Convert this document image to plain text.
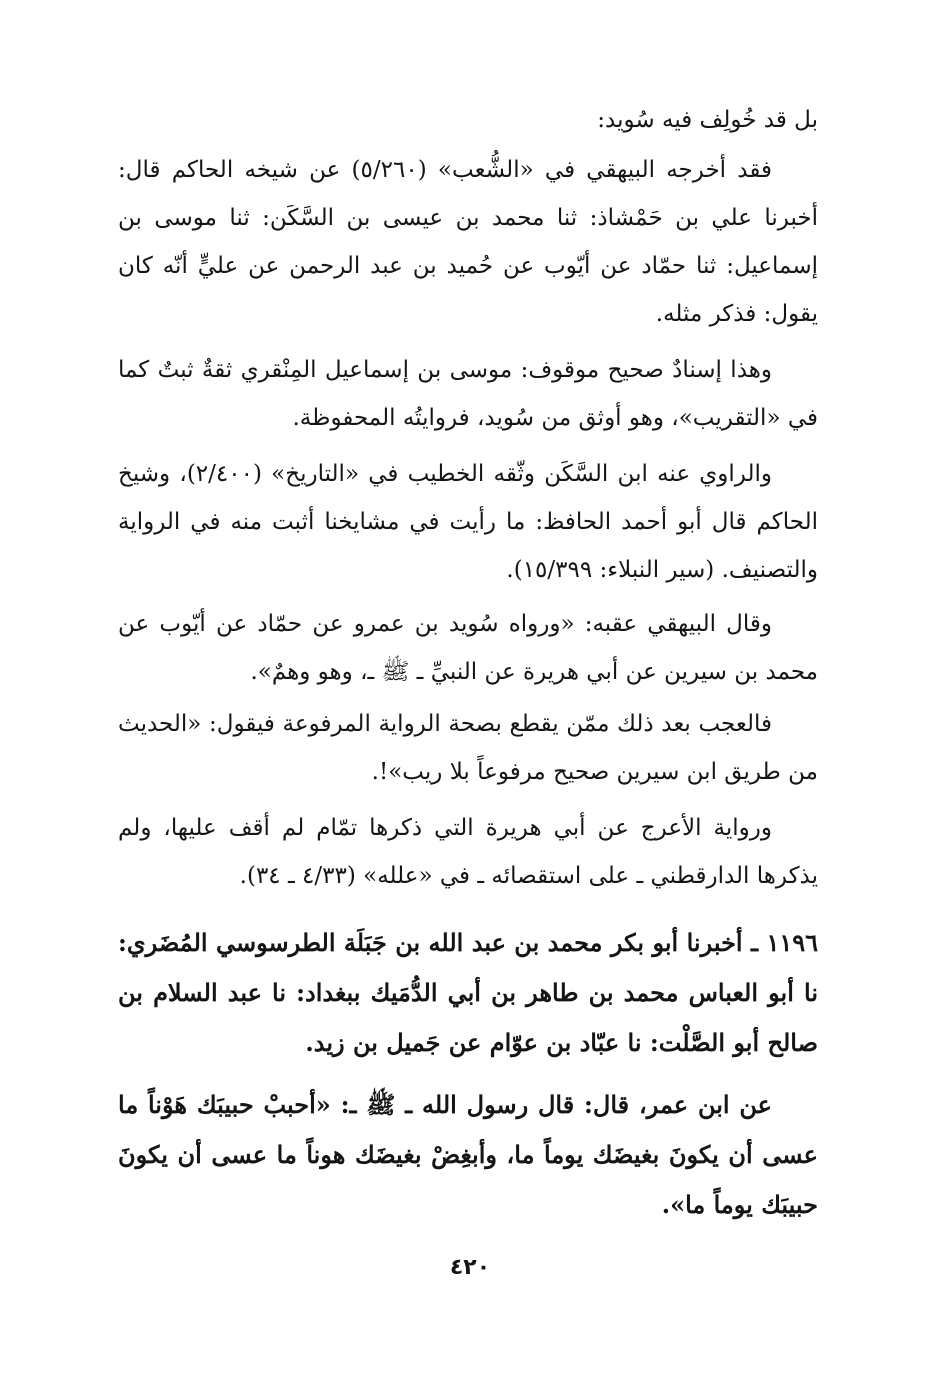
بل قد خُولِف فيه سُويد:

فقد أخرجه البيهقي في «الشُّعب» (٥/٢٦٠) عن شيخه الحاكم قال: أخبرنا علي بن حَمْشاذ: ثنا محمد بن عيسى بن السَّكَن: ثنا موسى بن إسماعيل: ثنا حمّاد عن أيّوب عن حُميد بن عبد الرحمن عن عليٍّ أنّه كان يقول: فذكر مثله.

وهذا إسنادٌ صحيح موقوف: موسى بن إسماعيل المِنْقري ثقةٌ ثبتٌ كما في «التقريب»، وهو أوثق من سُويد، فروايتُه المحفوظة.

والراوي عنه ابن السَّكَن وثّقه الخطيب في «التاريخ» (٢/٤٠٠)، وشيخ الحاكم قال أبو أحمد الحافظ: ما رأيت في مشايخنا أثبت منه في الرواية والتصنيف. (سير النبلاء: ١٥/٣٩٩).

وقال البيهقي عقبه: «ورواه سُويد بن عمرو عن حمّاد عن أيّوب عن محمد بن سيرين عن أبي هريرة عن النبيِّ ـ ﷺ ـ، وهو وهمٌ».

فالعجب بعد ذلك ممّن يقطع بصحة الرواية المرفوعة فيقول: «الحديث من طريق ابن سيرين صحيح مرفوعاً بلا ريب»!.

ورواية الأعرج عن أبي هريرة التي ذكرها تمّام لم أقف عليها، ولم يذكرها الدارقطني ـ على استقصائه ـ في «علله» (٤/٣٣ ـ ٣٤).

١١٩٦ ـ أخبرنا أبو بكر محمد بن عبد الله بن جَبَلَة الطرسوسي المُضَري: نا أبو العباس محمد بن طاهر بن أبي الدُّمَيك ببغداد: نا عبد السلام بن صالح أبو الصَّلْت: نا عبّاد بن عوّام عن جَميل بن زيد.

عن ابن عمر، قال: قال رسول الله ـ ﷺ ـ: «أحببْ حبيبَك هَوْناً ما عسى أن يكونَ بغيضَك يوماً ما، وأبغِضْ بغيضَك هوناً ما عسى أن يكونَ حبيبَك يوماً ما».

٤٢٠
